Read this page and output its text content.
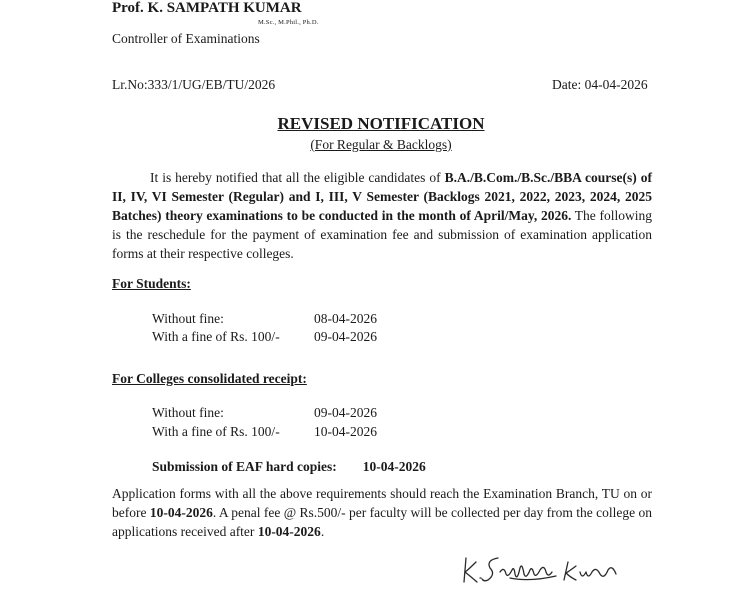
Prof. K. SAMPATH KUMAR
M.Sc., M.Phil., Ph.D.
Controller of Examinations
Lr.No:333/1/UG/EB/TU/2026	Date: 04-04-2026
REVISED NOTIFICATION
(For Regular & Backlogs)
It is hereby notified that all the eligible candidates of B.A./B.Com./B.Sc./BBA course(s) of II, IV, VI Semester (Regular) and I, III, V Semester (Backlogs 2021, 2022, 2023, 2024, 2025 Batches) theory examinations to be conducted in the month of April/May, 2026. The following is the reschedule for the payment of examination fee and submission of examination application forms at their respective colleges.
For Students:
Without fine:	08-04-2026
With a fine of Rs. 100/-	09-04-2026
For Colleges consolidated receipt:
Without fine:	09-04-2026
With a fine of Rs. 100/-	10-04-2026
Submission of EAF hard copies: 10-04-2026
Application forms with all the above requirements should reach the Examination Branch, TU on or before 10-04-2026. A penal fee @ Rs.500/- per faculty will be collected per day from the college on applications received after 10-04-2026.
